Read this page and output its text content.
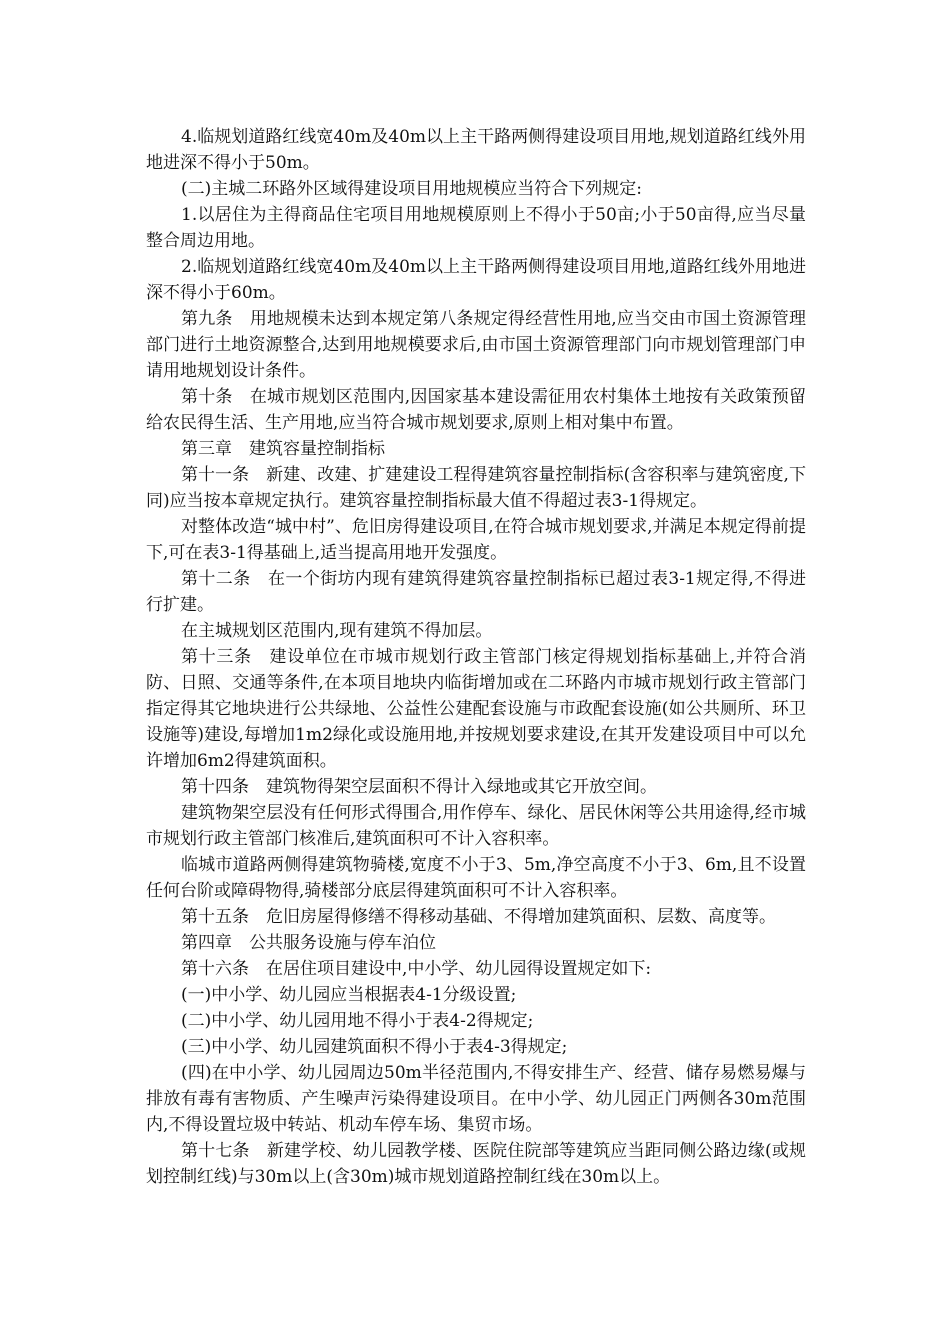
4.临规划道路红线宽40m及40m以上主干路两侧得建设项目用地,规划道路红线外用地进深不得小于50m。

(二)主城二环路外区域得建设项目用地规模应当符合下列规定:

1.以居住为主得商品住宅项目用地规模原则上不得小于50亩;小于50亩得,应当尽量整合周边用地。

2.临规划道路红线宽40m及40m以上主干路两侧得建设项目用地,道路红线外用地进深不得小于60m。

第九条　用地规模未达到本规定第八条规定得经营性用地,应当交由市国土资源管理部门进行土地资源整合,达到用地规模要求后,由市国土资源管理部门向市规划管理部门申请用地规划设计条件。

第十条　在城市规划区范围内,因国家基本建设需征用农村集体土地按有关政策预留给农民得生活、生产用地,应当符合城市规划要求,原则上相对集中布置。

第三章　建筑容量控制指标

第十一条　新建、改建、扩建建设工程得建筑容量控制指标(含容积率与建筑密度,下同)应当按本章规定执行。建筑容量控制指标最大值不得超过表3-1得规定。

对整体改造“城中村”、危旧房得建设项目,在符合城市规划要求,并满足本规定得前提下,可在表3-1得基础上,适当提高用地开发强度。

第十二条　在一个街坊内现有建筑得建筑容量控制指标已超过表3-1规定得,不得进行扩建。

在主城规划区范围内,现有建筑不得加层。

第十三条　建设单位在市城市规划行政主管部门核定得规划指标基础上,并符合消防、日照、交通等条件,在本项目地块内临街增加或在二环路内市城市规划行政主管部门指定得其它地块进行公共绿地、公益性公建配套设施与市政配套设施(如公共厕所、环卫设施等)建设,每增加1m2绿化或设施用地,并按规划要求建设,在其开发建设项目中可以允许增加6m2得建筑面积。

第十四条　建筑物得架空层面积不得计入绿地或其它开放空间。

建筑物架空层没有任何形式得围合,用作停车、绿化、居民休闲等公共用途得,经市城市规划行政主管部门核准后,建筑面积可不计入容积率。

临城市道路两侧得建筑物骑楼,宽度不小于3、5m,净空高度不小于3、6m,且不设置任何台阶或障碍物得,骑楼部分底层得建筑面积可不计入容积率。

第十五条　危旧房屋得修缮不得移动基础、不得增加建筑面积、层数、高度等。

第四章　公共服务设施与停车泊位

第十六条　在居住项目建设中,中小学、幼儿园得设置规定如下:

(一)中小学、幼儿园应当根据表4-1分级设置;

(二)中小学、幼儿园用地不得小于表4-2得规定;

(三)中小学、幼儿园建筑面积不得小于表4-3得规定;

(四)在中小学、幼儿园周边50m半径范围内,不得安排生产、经营、储存易燃易爆与排放有毒有害物质、产生噪声污染得建设项目。在中小学、幼儿园正门两侧各30m范围内,不得设置垃圾中转站、机动车停车场、集贸市场。

第十七条　新建学校、幼儿园教学楼、医院住院部等建筑应当距同侧公路边缘(或规划控制红线)与30m以上(含30m)城市规划道路控制红线在30m以上。
